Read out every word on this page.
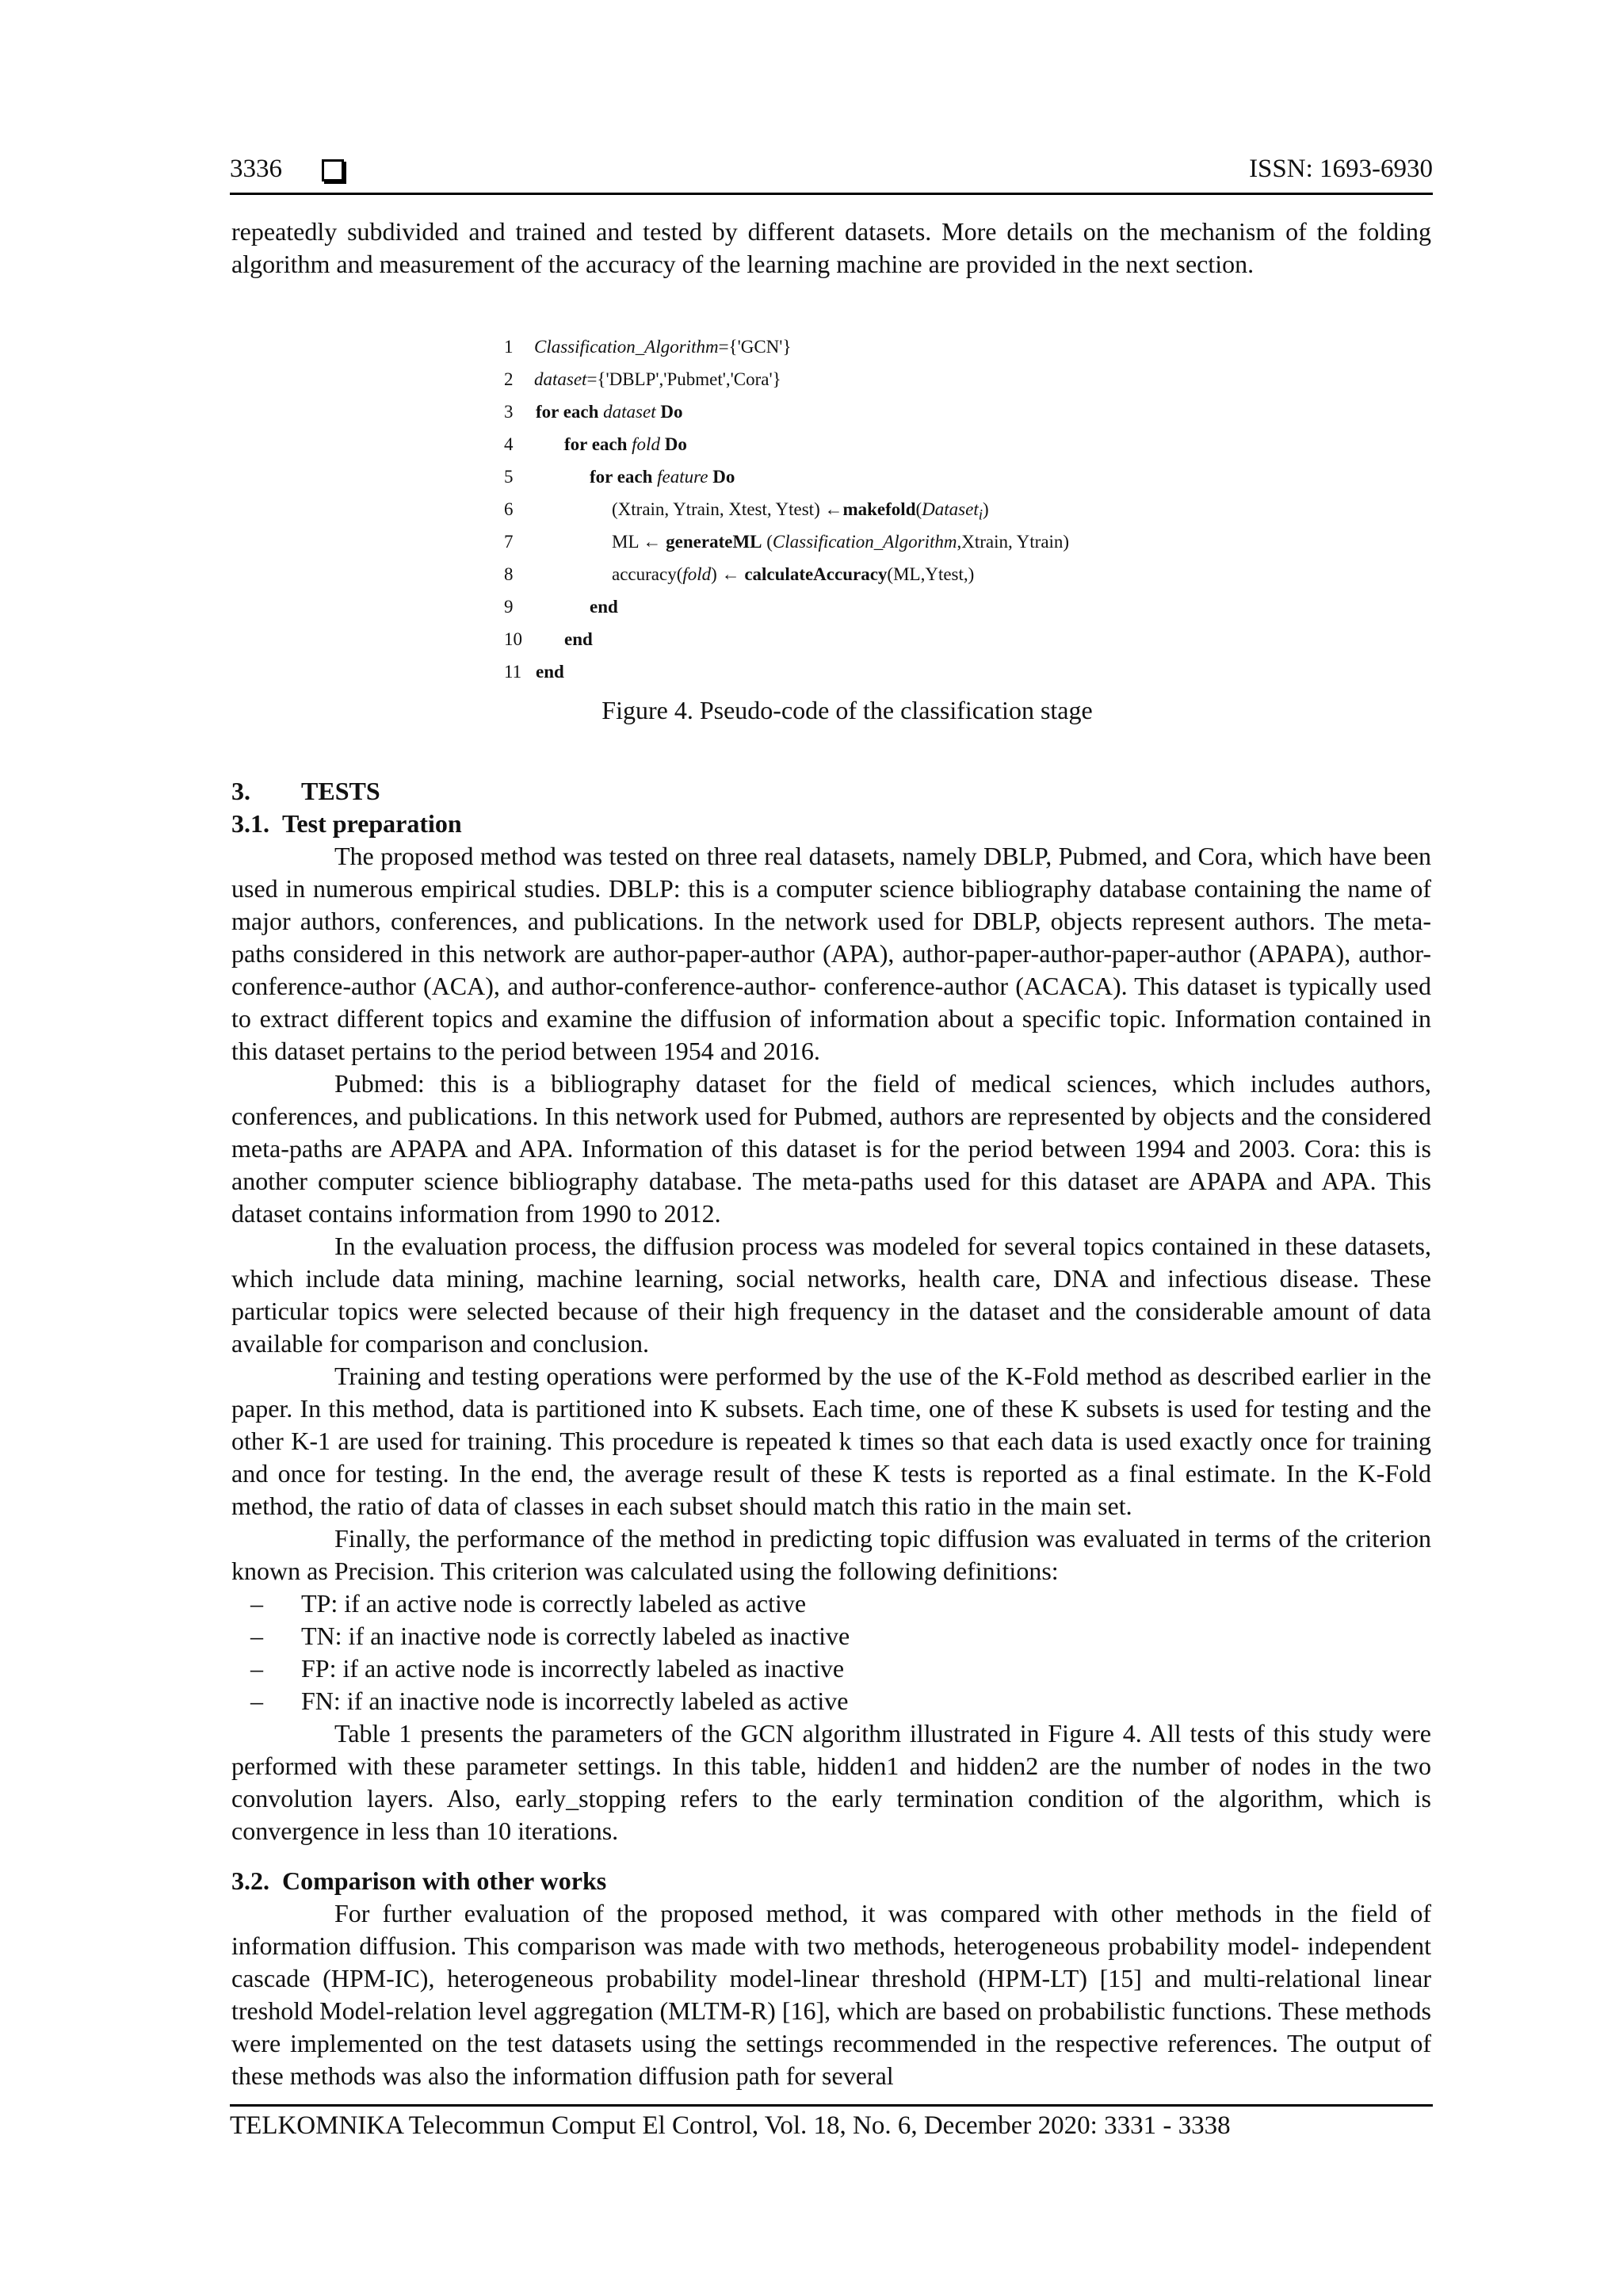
3336	ISSN: 1693-6930

repeatedly subdivided and trained and tested by different datasets. More details on the mechanism of the folding algorithm and measurement of the accuracy of the learning machine are provided in the next section.

1	Classification_Algorithm={'GCN'}
2	dataset={'DBLP','Pubmet','Cora'}
3	for each dataset Do
4	for each fold Do
5	for each feature Do
6	(Xtrain, Ytrain, Xtest, Ytest) ←makefold(Dataset$_i$)
7	ML ← generateML (Classification_Algorithm,Xtrain, Ytrain)
8	accuracy(fold) ← calculateAccuracy(ML,Ytest,)
9	end
10	end
11 end
Figure 4. Pseudo-code of the classification stage

3.  TESTS

3.1. Test preparation

The proposed method was tested on three real datasets, namely DBLP, Pubmed, and Cora, which have been used in numerous empirical studies. DBLP: this is a computer science bibliography database containing the name of major authors, conferences, and publications. In the network used for DBLP, objects represent authors. The meta-paths considered in this network are author-paper-author (APA), author-paper-author-paper-author (APAPA), author-conference-author (ACA), and author-conference-author- conference-author (ACACA). This dataset is typically used to extract different topics and examine the diffusion of information about a specific topic. Information contained in this dataset pertains to the period between 1954 and 2016.

Pubmed: this is a bibliography dataset for the field of medical sciences, which includes authors, conferences, and publications. In this network used for Pubmed, authors are represented by objects and the considered meta-paths are APAPA and APA. Information of this dataset is for the period between 1994 and 2003. Cora: this is another computer science bibliography database. The meta-paths used for this dataset are APAPA and APA. This dataset contains information from 1990 to 2012.

In the evaluation process, the diffusion process was modeled for several topics contained in these datasets, which include data mining, machine learning, social networks, health care, DNA and infectious disease. These particular topics were selected because of their high frequency in the dataset and the considerable amount of data available for comparison and conclusion.

Training and testing operations were performed by the use of the K-Fold method as described earlier in the paper. In this method, data is partitioned into K subsets. Each time, one of these K subsets is used for testing and the other K-1 are used for training. This procedure is repeated k times so that each data is used exactly once for training and once for testing. In the end, the average result of these K tests is reported as a final estimate. In the K-Fold method, the ratio of data of classes in each subset should match this ratio in the main set.

Finally, the performance of the method in predicting topic diffusion was evaluated in terms of the criterion known as Precision. This criterion was calculated using the following definitions:

– TP: if an active node is correctly labeled as active

– TN: if an inactive node is correctly labeled as inactive

– FP: if an active node is incorrectly labeled as inactive

– FN: if an inactive node is incorrectly labeled as active

Table 1 presents the parameters of the GCN algorithm illustrated in Figure 4. All tests of this study were performed with these parameter settings. In this table, hidden1 and hidden2 are the number of nodes in the two convolution layers. Also, early_stopping refers to the early termination condition of the algorithm, which is convergence in less than 10 iterations.

3.2. Comparison with other works

For further evaluation of the proposed method, it was compared with other methods in the field of information diffusion. This comparison was made with two methods, heterogeneous probability model- independent cascade (HPM-IC), heterogeneous probability model-linear threshold (HPM-LT) [15] and multi-relational linear treshold Model-relation level aggregation (MLTM-R) [16], which are based on probabilistic functions. These methods were implemented on the test datasets using the settings recommended in the respective references. The output of these methods was also the information diffusion path for several

TELKOMNIKA Telecommun Comput El Control, Vol. 18, No. 6, December 2020: 3331 - 3338
